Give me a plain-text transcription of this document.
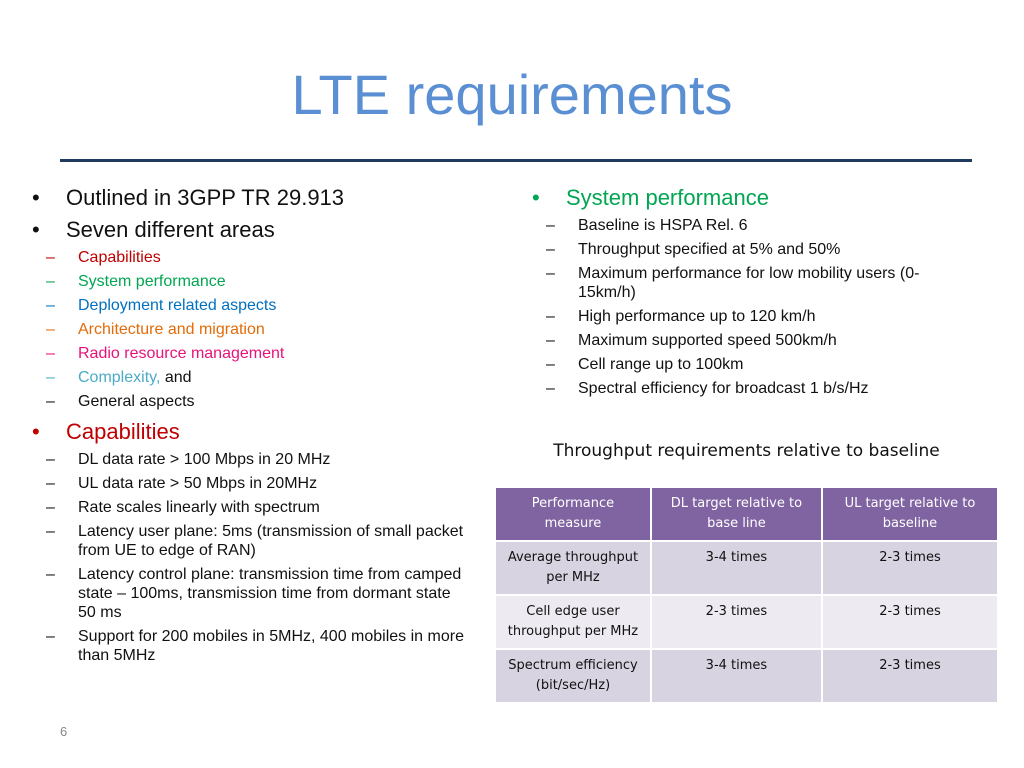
LTE requirements
• Outlined in 3GPP TR 29.913
• Seven different areas
– Capabilities
– System performance
– Deployment related aspects
– Architecture and migration
– Radio resource management
– Complexity, and
– General aspects
• Capabilities
– DL data rate > 100 Mbps in 20 MHz
– UL data rate > 50 Mbps in 20MHz
– Rate scales linearly with spectrum
– Latency user plane: 5ms (transmission of small packet from UE to edge of RAN)
– Latency control plane: transmission time from camped state – 100ms, transmission time from dormant state 50 ms
– Support for 200 mobiles in 5MHz, 400 mobiles in more than 5MHz
• System performance
– Baseline is HSPA Rel. 6
– Throughput specified at 5% and 50%
– Maximum performance for low mobility users (0-15km/h)
– High performance up to 120 km/h
– Maximum supported speed 500km/h
– Cell range up to 100km
– Spectral efficiency for broadcast 1 b/s/Hz
Throughput requirements relative to baseline
Performance measure	DL target relative to base line	UL target relative to baseline
Average throughput per MHz	3-4 times	2-3 times
Cell edge user throughput per MHz	2-3 times	2-3 times
Spectrum efficiency (bit/sec/Hz)	3-4 times	2-3 times
6
